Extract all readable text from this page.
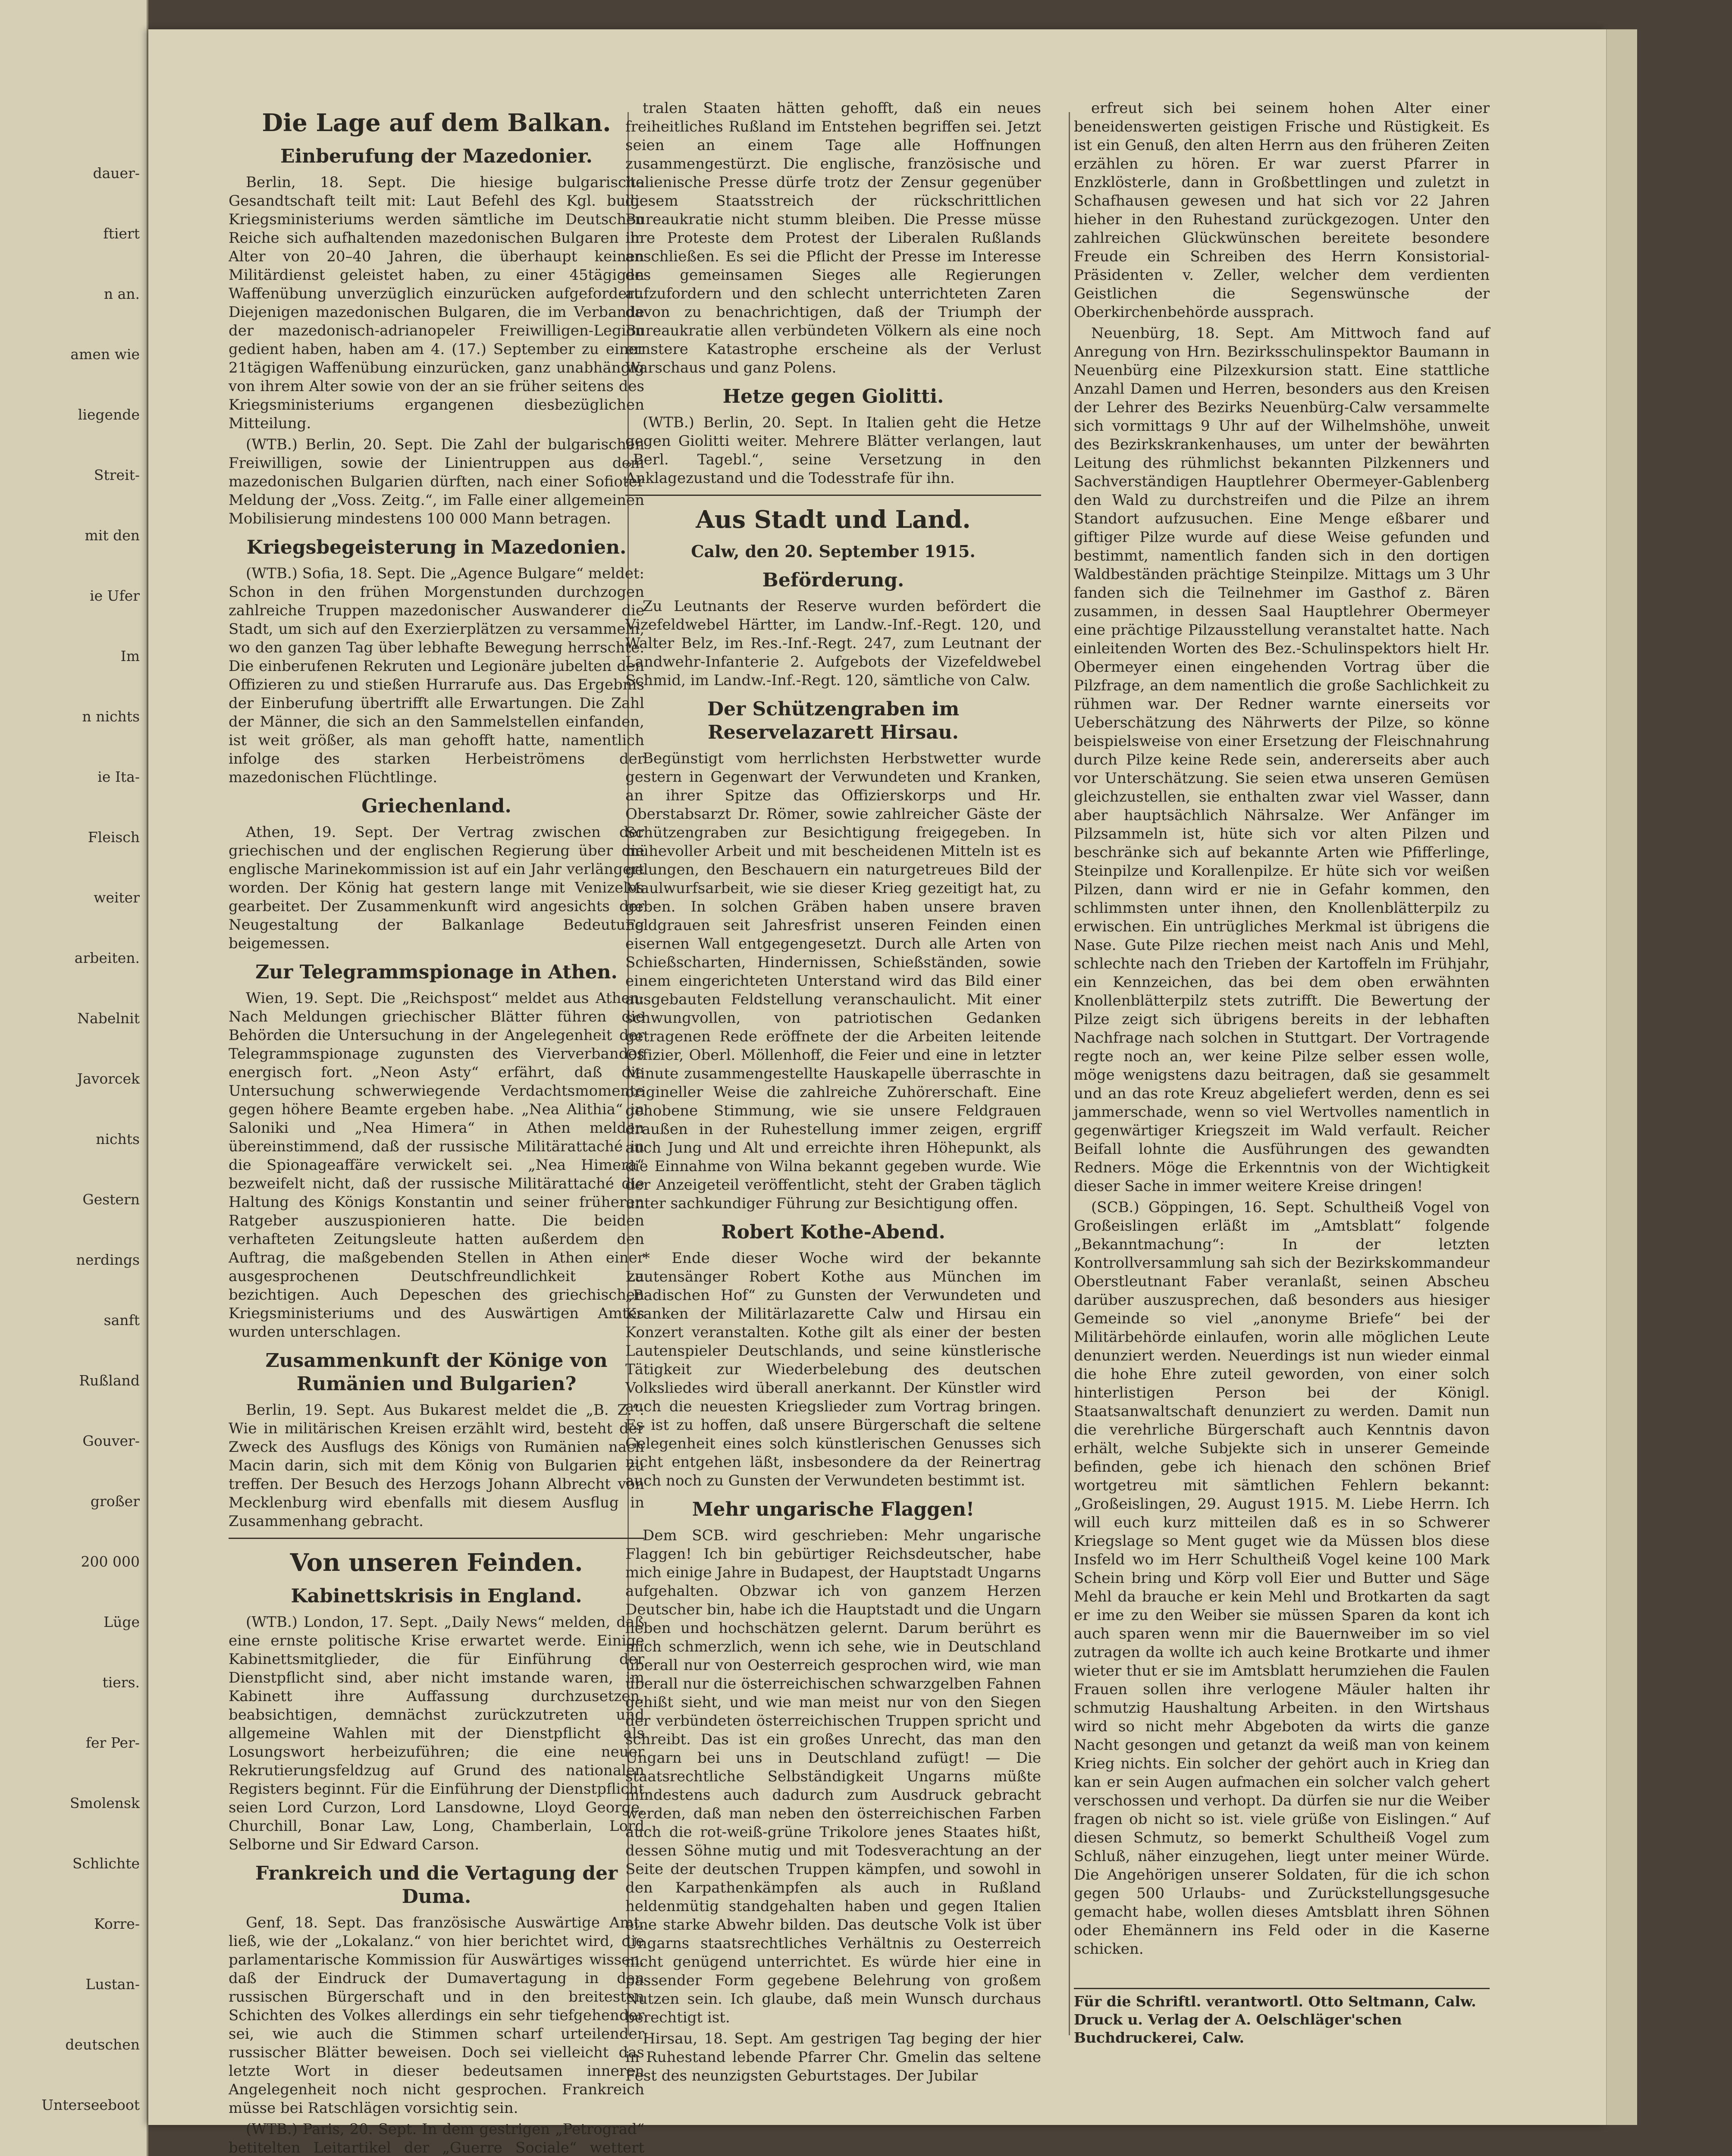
dauer-
ftiert
n an.
amen wie
liegende
Streit-
mit den
ie Ufer
Im
n nichts
ie Ita-
Fleisch
weiter
arbeiten.
Nabelnit
Javorcek
nichts
Gestern
nerdings
sanft
Rußland
Gouver-
großer
200 000
Lüge
tiers.
fer Per-
Smolensk
Schlichte
Korre-
Lustan-
deutschen
Unterseeboot
Die Lage auf dem Balkan.
Einberufung der Mazedonier.

Berlin, 18. Sept. Die hiesige bulgarische Gesandtschaft teilt mit: Laut Befehl des Kgl. bulg. Kriegsministeriums werden sämtliche im Deutschen Reiche sich aufhaltenden mazedonischen Bulgaren im Alter von 20–40 Jahren, die überhaupt keinen Militärdienst geleistet haben, zu einer 45tägigen Waffenübung unverzüglich einzurücken aufgefordert. Diejenigen mazedonischen Bulgaren, die im Verbande der mazedonisch-adrianopeler Freiwilligen-Legion gedient haben, haben am 4. (17.) September zu einer 21tägigen Waffenübung einzurücken, ganz unabhängig von ihrem Alter sowie von der an sie früher seitens des Kriegsministeriums ergangenen diesbezüglichen Mitteilung.

(WTB.) Berlin, 20. Sept. Die Zahl der bulgarischen Freiwilligen, sowie der Linientruppen aus dem mazedonischen Bulgarien dürften, nach einer Sofioter Meldung der „Voss. Zeitg.“, im Falle einer allgemeinen Mobilisierung mindestens 100 000 Mann betragen.

Kriegsbegeisterung in Mazedonien.

(WTB.) Sofia, 18. Sept. Die „Agence Bulgare“ meldet: Schon in den frühen Morgenstunden durchzogen zahlreiche Truppen mazedonischer Auswanderer die Stadt, um sich auf den Exerzierplätzen zu versammeln, wo den ganzen Tag über lebhafte Bewegung herrschte. Die einberufenen Rekruten und Legionäre jubelten den Offizieren zu und stießen Hurrarufe aus. Das Ergebnis der Einberufung übertrifft alle Erwartungen. Die Zahl der Männer, die sich an den Sammelstellen einfanden, ist weit größer, als man gehofft hatte, namentlich infolge des starken Herbeiströmens der mazedonischen Flüchtlinge.

Griechenland.

Athen, 19. Sept. Der Vertrag zwischen der griechischen und der englischen Regierung über die englische Marinekommission ist auf ein Jahr verlängert worden. Der König hat gestern lange mit Venizelos gearbeitet. Der Zusammenkunft wird angesichts der Neugestaltung der Balkanlage Bedeutung beigemessen.

Zur Telegrammspionage in Athen.

Wien, 19. Sept. Die „Reichspost“ meldet aus Athen: Nach Meldungen griechischer Blätter führen die Behörden die Untersuchung in der Angelegenheit der Telegrammspionage zugunsten des Vierverbandes energisch fort. „Neon Asty“ erfährt, daß die Untersuchung schwerwiegende Verdachtsmomente gegen höhere Beamte ergeben habe. „Nea Alithia“ in Saloniki und „Nea Himera“ in Athen melden übereinstimmend, daß der russische Militärattaché in die Spionageaffäre verwickelt sei. „Nea Himera“ bezweifelt nicht, daß der russische Militärattaché die Haltung des Königs Konstantin und seiner früheren Ratgeber auszuspionieren hatte. Die beiden verhafteten Zeitungsleute hatten außerdem den Auftrag, die maßgebenden Stellen in Athen einer ausgesprochenen Deutschfreundlichkeit zu bezichtigen. Auch Depeschen des griechischen Kriegsministeriums und des Auswärtigen Amtes wurden unterschlagen.

Zusammenkunft der Könige von Rumänien und Bulgarien?

Berlin, 19. Sept. Aus Bukarest meldet die „B. Z.“: Wie in militärischen Kreisen erzählt wird, besteht der Zweck des Ausflugs des Königs von Rumänien nach Macin darin, sich mit dem König von Bulgarien zu treffen. Der Besuch des Herzogs Johann Albrecht von Mecklenburg wird ebenfalls mit diesem Ausflug in Zusammenhang gebracht.

Von unseren Feinden.
Kabinettskrisis in England.

(WTB.) London, 17. Sept. „Daily News“ melden, daß eine ernste politische Krise erwartet werde. Einige Kabinettsmitglieder, die für Einführung der Dienstpflicht sind, aber nicht imstande waren, im Kabinett ihre Auffassung durchzusetzen, beabsichtigen, demnächst zurückzutreten und allgemeine Wahlen mit der Dienstpflicht als Losungswort herbeizuführen; die eine neuer Rekrutierungsfeldzug auf Grund des nationalen Registers beginnt. Für die Einführung der Dienstpflicht seien Lord Curzon, Lord Lansdowne, Lloyd George, Churchill, Bonar Law, Long, Chamberlain, Lord Selborne und Sir Edward Carson.

Frankreich und die Vertagung der Duma.

Genf, 18. Sept. Das französische Auswärtige Amt, ließ, wie der „Lokalanz.“ von hier berichtet wird, die parlamentarische Kommission für Auswärtiges wissen, daß der Eindruck der Dumavertagung in den russischen Bürgerschaft und in den breitesten Schichten des Volkes allerdings ein sehr tiefgehender sei, wie auch die Stimmen scharf urteilender russischer Blätter beweisen. Doch sei vielleicht das letzte Wort in dieser bedeutsamen inneren Angelegenheit noch nicht gesprochen. Frankreich müsse bei Ratschlägen vorsichtig sein.

(WTB.) Paris, 20. Sept. In dem gestrigen „Petrograd“ betitelten Leitartikel der „Guerre Sociale“ wettert

tralen Staaten hätten gehofft, daß ein neues freiheitliches Rußland im Entstehen begriffen sei. Jetzt seien an einem Tage alle Hoffnungen zusammengestürzt. Die englische, französische und italienische Presse dürfe trotz der Zensur gegenüber diesem Staatsstreich der rückschrittlichen Bureaukratie nicht stumm bleiben. Die Presse müsse ihre Proteste dem Protest der Liberalen Rußlands anschließen. Es sei die Pflicht der Presse im Interesse des gemeinsamen Sieges alle Regierungen aufzufordern und den schlecht unterrichteten Zaren davon zu benachrichtigen, daß der Triumph der Bureaukratie allen verbündeten Völkern als eine noch ernstere Katastrophe erscheine als der Verlust Warschaus und ganz Polens.

Hetze gegen Giolitti.

(WTB.) Berlin, 20. Sept. In Italien geht die Hetze gegen Giolitti weiter. Mehrere Blätter verlangen, laut „Berl. Tagebl.“, seine Versetzung in den Anklagezustand und die Todesstrafe für ihn.

Aus Stadt und Land.
Calw, den 20. September 1915.
Beförderung.

Zu Leutnants der Reserve wurden befördert die Vizefeldwebel Härtter, im Landw.-Inf.-Regt. 120, und Walter Belz, im Res.-Inf.-Regt. 247, zum Leutnant der Landwehr-Infanterie 2. Aufgebots der Vizefeldwebel Schmid, im Landw.-Inf.-Regt. 120, sämtliche von Calw.

Der Schützengraben im Reservelazarett Hirsau.

Begünstigt vom herrlichsten Herbstwetter wurde gestern in Gegenwart der Verwundeten und Kranken, an ihrer Spitze das Offizierskorps und Hr. Oberstabsarzt Dr. Römer, sowie zahlreicher Gäste der Schützengraben zur Besichtigung freigegeben. In mühevoller Arbeit und mit bescheidenen Mitteln ist es gelungen, den Beschauern ein naturgetreues Bild der Maulwurfsarbeit, wie sie dieser Krieg gezeitigt hat, zu geben. In solchen Gräben haben unsere braven Feldgrauen seit Jahresfrist unseren Feinden einen eisernen Wall entgegengesetzt. Durch alle Arten von Schießscharten, Hindernissen, Schießständen, sowie einem eingerichteten Unterstand wird das Bild einer ausgebauten Feldstellung veranschaulicht. Mit einer schwungvollen, von patriotischen Gedanken getragenen Rede eröffnete der die Arbeiten leitende Offizier, Oberl. Möllenhoff, die Feier und eine in letzter Minute zusammengestellte Hauskapelle überraschte in origineller Weise die zahlreiche Zuhörerschaft. Eine gehobene Stimmung, wie sie unsere Feldgrauen draußen in der Ruhestellung immer zeigen, ergriff auch Jung und Alt und erreichte ihren Höhepunkt, als die Einnahme von Wilna bekannt gegeben wurde. Wie der Anzeigeteil veröffentlicht, steht der Graben täglich unter sachkundiger Führung zur Besichtigung offen.

Robert Kothe-Abend.

* Ende dieser Woche wird der bekannte Lautensänger Robert Kothe aus München im „Badischen Hof“ zu Gunsten der Verwundeten und Kranken der Militärlazarette Calw und Hirsau ein Konzert veranstalten. Kothe gilt als einer der besten Lautenspieler Deutschlands, und seine künstlerische Tätigkeit zur Wiederbelebung des deutschen Volksliedes wird überall anerkannt. Der Künstler wird auch die neuesten Kriegslieder zum Vortrag bringen. Es ist zu hoffen, daß unsere Bürgerschaft die seltene Gelegenheit eines solch künstlerischen Genusses sich nicht entgehen läßt, insbesondere da der Reinertrag auch noch zu Gunsten der Verwundeten bestimmt ist.

Mehr ungarische Flaggen!

Dem SCB. wird geschrieben: Mehr ungarische Flaggen! Ich bin gebürtiger Reichsdeutscher, habe mich einige Jahre in Budapest, der Hauptstadt Ungarns aufgehalten. Obzwar ich von ganzem Herzen Deutscher bin, habe ich die Hauptstadt und die Ungarn lieben und hochschätzen gelernt. Darum berührt es mich schmerzlich, wenn ich sehe, wie in Deutschland überall nur von Oesterreich gesprochen wird, wie man überall nur die österreichischen schwarzgelben Fahnen gehißt sieht, und wie man meist nur von den Siegen der verbündeten österreichischen Truppen spricht und schreibt. Das ist ein großes Unrecht, das man den Ungarn bei uns in Deutschland zufügt! — Die staatsrechtliche Selbständigkeit Ungarns müßte mindestens auch dadurch zum Ausdruck gebracht werden, daß man neben den österreichischen Farben auch die rot-weiß-grüne Trikolore jenes Staates hißt, dessen Söhne mutig und mit Todesverachtung an der Seite der deutschen Truppen kämpfen, und sowohl in den Karpathenkämpfen als auch in Rußland heldenmütig standgehalten haben und gegen Italien eine starke Abwehr bilden. Das deutsche Volk ist über Ungarns staatsrechtliches Verhältnis zu Oesterreich nicht genügend unterrichtet. Es würde hier eine in passender Form gegebene Belehrung von großem Nutzen sein. Ich glaube, daß mein Wunsch durchaus berechtigt ist.

Hirsau, 18. Sept. Am gestrigen Tag beging der hier in Ruhestand lebende Pfarrer Chr. Gmelin das seltene Fest des neunzigsten Geburtstages. Der Jubilar

erfreut sich bei seinem hohen Alter einer beneidenswerten geistigen Frische und Rüstigkeit. Es ist ein Genuß, den alten Herrn aus den früheren Zeiten erzählen zu hören. Er war zuerst Pfarrer in Enzklösterle, dann in Großbettlingen und zuletzt in Schafhausen gewesen und hat sich vor 22 Jahren hieher in den Ruhestand zurückgezogen. Unter den zahlreichen Glückwünschen bereitete besondere Freude ein Schreiben des Herrn Konsistorial-Präsidenten v. Zeller, welcher dem verdienten Geistlichen die Segenswünsche der Oberkirchenbehörde aussprach.

Neuenbürg, 18. Sept. Am Mittwoch fand auf Anregung von Hrn. Bezirksschulinspektor Baumann in Neuenbürg eine Pilzexkursion statt. Eine stattliche Anzahl Damen und Herren, besonders aus den Kreisen der Lehrer des Bezirks Neuenbürg-Calw versammelte sich vormittags 9 Uhr auf der Wilhelmshöhe, unweit des Bezirkskrankenhauses, um unter der bewährten Leitung des rühmlichst bekannten Pilzkenners und Sachverständigen Hauptlehrer Obermeyer-Gablenberg den Wald zu durchstreifen und die Pilze an ihrem Standort aufzusuchen. Eine Menge eßbarer und giftiger Pilze wurde auf diese Weise gefunden und bestimmt, namentlich fanden sich in den dortigen Waldbeständen prächtige Steinpilze. Mittags um 3 Uhr fanden sich die Teilnehmer im Gasthof z. Bären zusammen, in dessen Saal Hauptlehrer Obermeyer eine prächtige Pilzausstellung veranstaltet hatte. Nach einleitenden Worten des Bez.-Schulinspektors hielt Hr. Obermeyer einen eingehenden Vortrag über die Pilzfrage, an dem namentlich die große Sachlichkeit zu rühmen war. Der Redner warnte einerseits vor Ueberschätzung des Nährwerts der Pilze, so könne beispielsweise von einer Ersetzung der Fleischnahrung durch Pilze keine Rede sein, andererseits aber auch vor Unterschätzung. Sie seien etwa unseren Gemüsen gleichzustellen, sie enthalten zwar viel Wasser, dann aber hauptsächlich Nährsalze. Wer Anfänger im Pilzsammeln ist, hüte sich vor alten Pilzen und beschränke sich auf bekannte Arten wie Pfifferlinge, Steinpilze und Korallenpilze. Er hüte sich vor weißen Pilzen, dann wird er nie in Gefahr kommen, den schlimmsten unter ihnen, den Knollenblätterpilz zu erwischen. Ein untrügliches Merkmal ist übrigens die Nase. Gute Pilze riechen meist nach Anis und Mehl, schlechte nach den Trieben der Kartoffeln im Frühjahr, ein Kennzeichen, das bei dem oben erwähnten Knollenblätterpilz stets zutrifft. Die Bewertung der Pilze zeigt sich übrigens bereits in der lebhaften Nachfrage nach solchen in Stuttgart. Der Vortragende regte noch an, wer keine Pilze selber essen wolle, möge wenigstens dazu beitragen, daß sie gesammelt und an das rote Kreuz abgeliefert werden, denn es sei jammerschade, wenn so viel Wertvolles namentlich in gegenwärtiger Kriegszeit im Wald verfault. Reicher Beifall lohnte die Ausführungen des gewandten Redners. Möge die Erkenntnis von der Wichtigkeit dieser Sache in immer weitere Kreise dringen!

(SCB.) Göppingen, 16. Sept. Schultheiß Vogel von Großeislingen erläßt im „Amtsblatt“ folgende „Bekanntmachung“: In der letzten Kontrollversammlung sah sich der Bezirkskommandeur Oberstleutnant Faber veranlaßt, seinen Abscheu darüber auszusprechen, daß besonders aus hiesiger Gemeinde so viel „anonyme Briefe“ bei der Militärbehörde einlaufen, worin alle möglichen Leute denunziert werden. Neuerdings ist nun wieder einmal die hohe Ehre zuteil geworden, von einer solch hinterlistigen Person bei der Königl. Staatsanwaltschaft denunziert zu werden. Damit nun die verehrliche Bürgerschaft auch Kenntnis davon erhält, welche Subjekte sich in unserer Gemeinde befinden, gebe ich hienach den schönen Brief wortgetreu mit sämtlichen Fehlern bekannt: „Großeislingen, 29. August 1915. M. Liebe Herrn. Ich will euch kurz mitteilen daß es in so Schwerer Kriegslage so Ment guget wie da Müssen blos diese Insfeld wo im Herr Schultheiß Vogel keine 100 Mark Schein bring und Körp voll Eier und Butter und Säge Mehl da brauche er kein Mehl und Brotkarten da sagt er ime zu den Weiber sie müssen Sparen da kont ich auch sparen wenn mir die Bauernweiber im so viel zutragen da wollte ich auch keine Brotkarte und ihmer wieter thut er sie im Amtsblatt herumziehen die Faulen Frauen sollen ihre verlogene Mäuler halten ihr schmutzig Haushaltung Arbeiten. in den Wirtshaus wird so nicht mehr Abgeboten da wirts die ganze Nacht gesongen und getanzt da weiß man von keinem Krieg nichts. Ein solcher der gehört auch in Krieg dan kan er sein Augen aufmachen ein solcher valch gehert verschossen und verhopt. Da dürfen sie nur die Weiber fragen ob nicht so ist. viele grüße von Eislingen.“ Auf diesen Schmutz, so bemerkt Schultheiß Vogel zum Schluß, näher einzugehen, liegt unter meiner Würde. Die Angehörigen unserer Soldaten, für die ich schon gegen 500 Urlaubs- und Zurückstellungsgesuche gemacht habe, wollen dieses Amtsblatt ihren Söhnen oder Ehemännern ins Feld oder in die Kaserne schicken.

Für die Schriftl. verantwortl. Otto Seltmann, Calw.
Druck u. Verlag der A. Oelschläger'schen Buchdruckerei, Calw.
